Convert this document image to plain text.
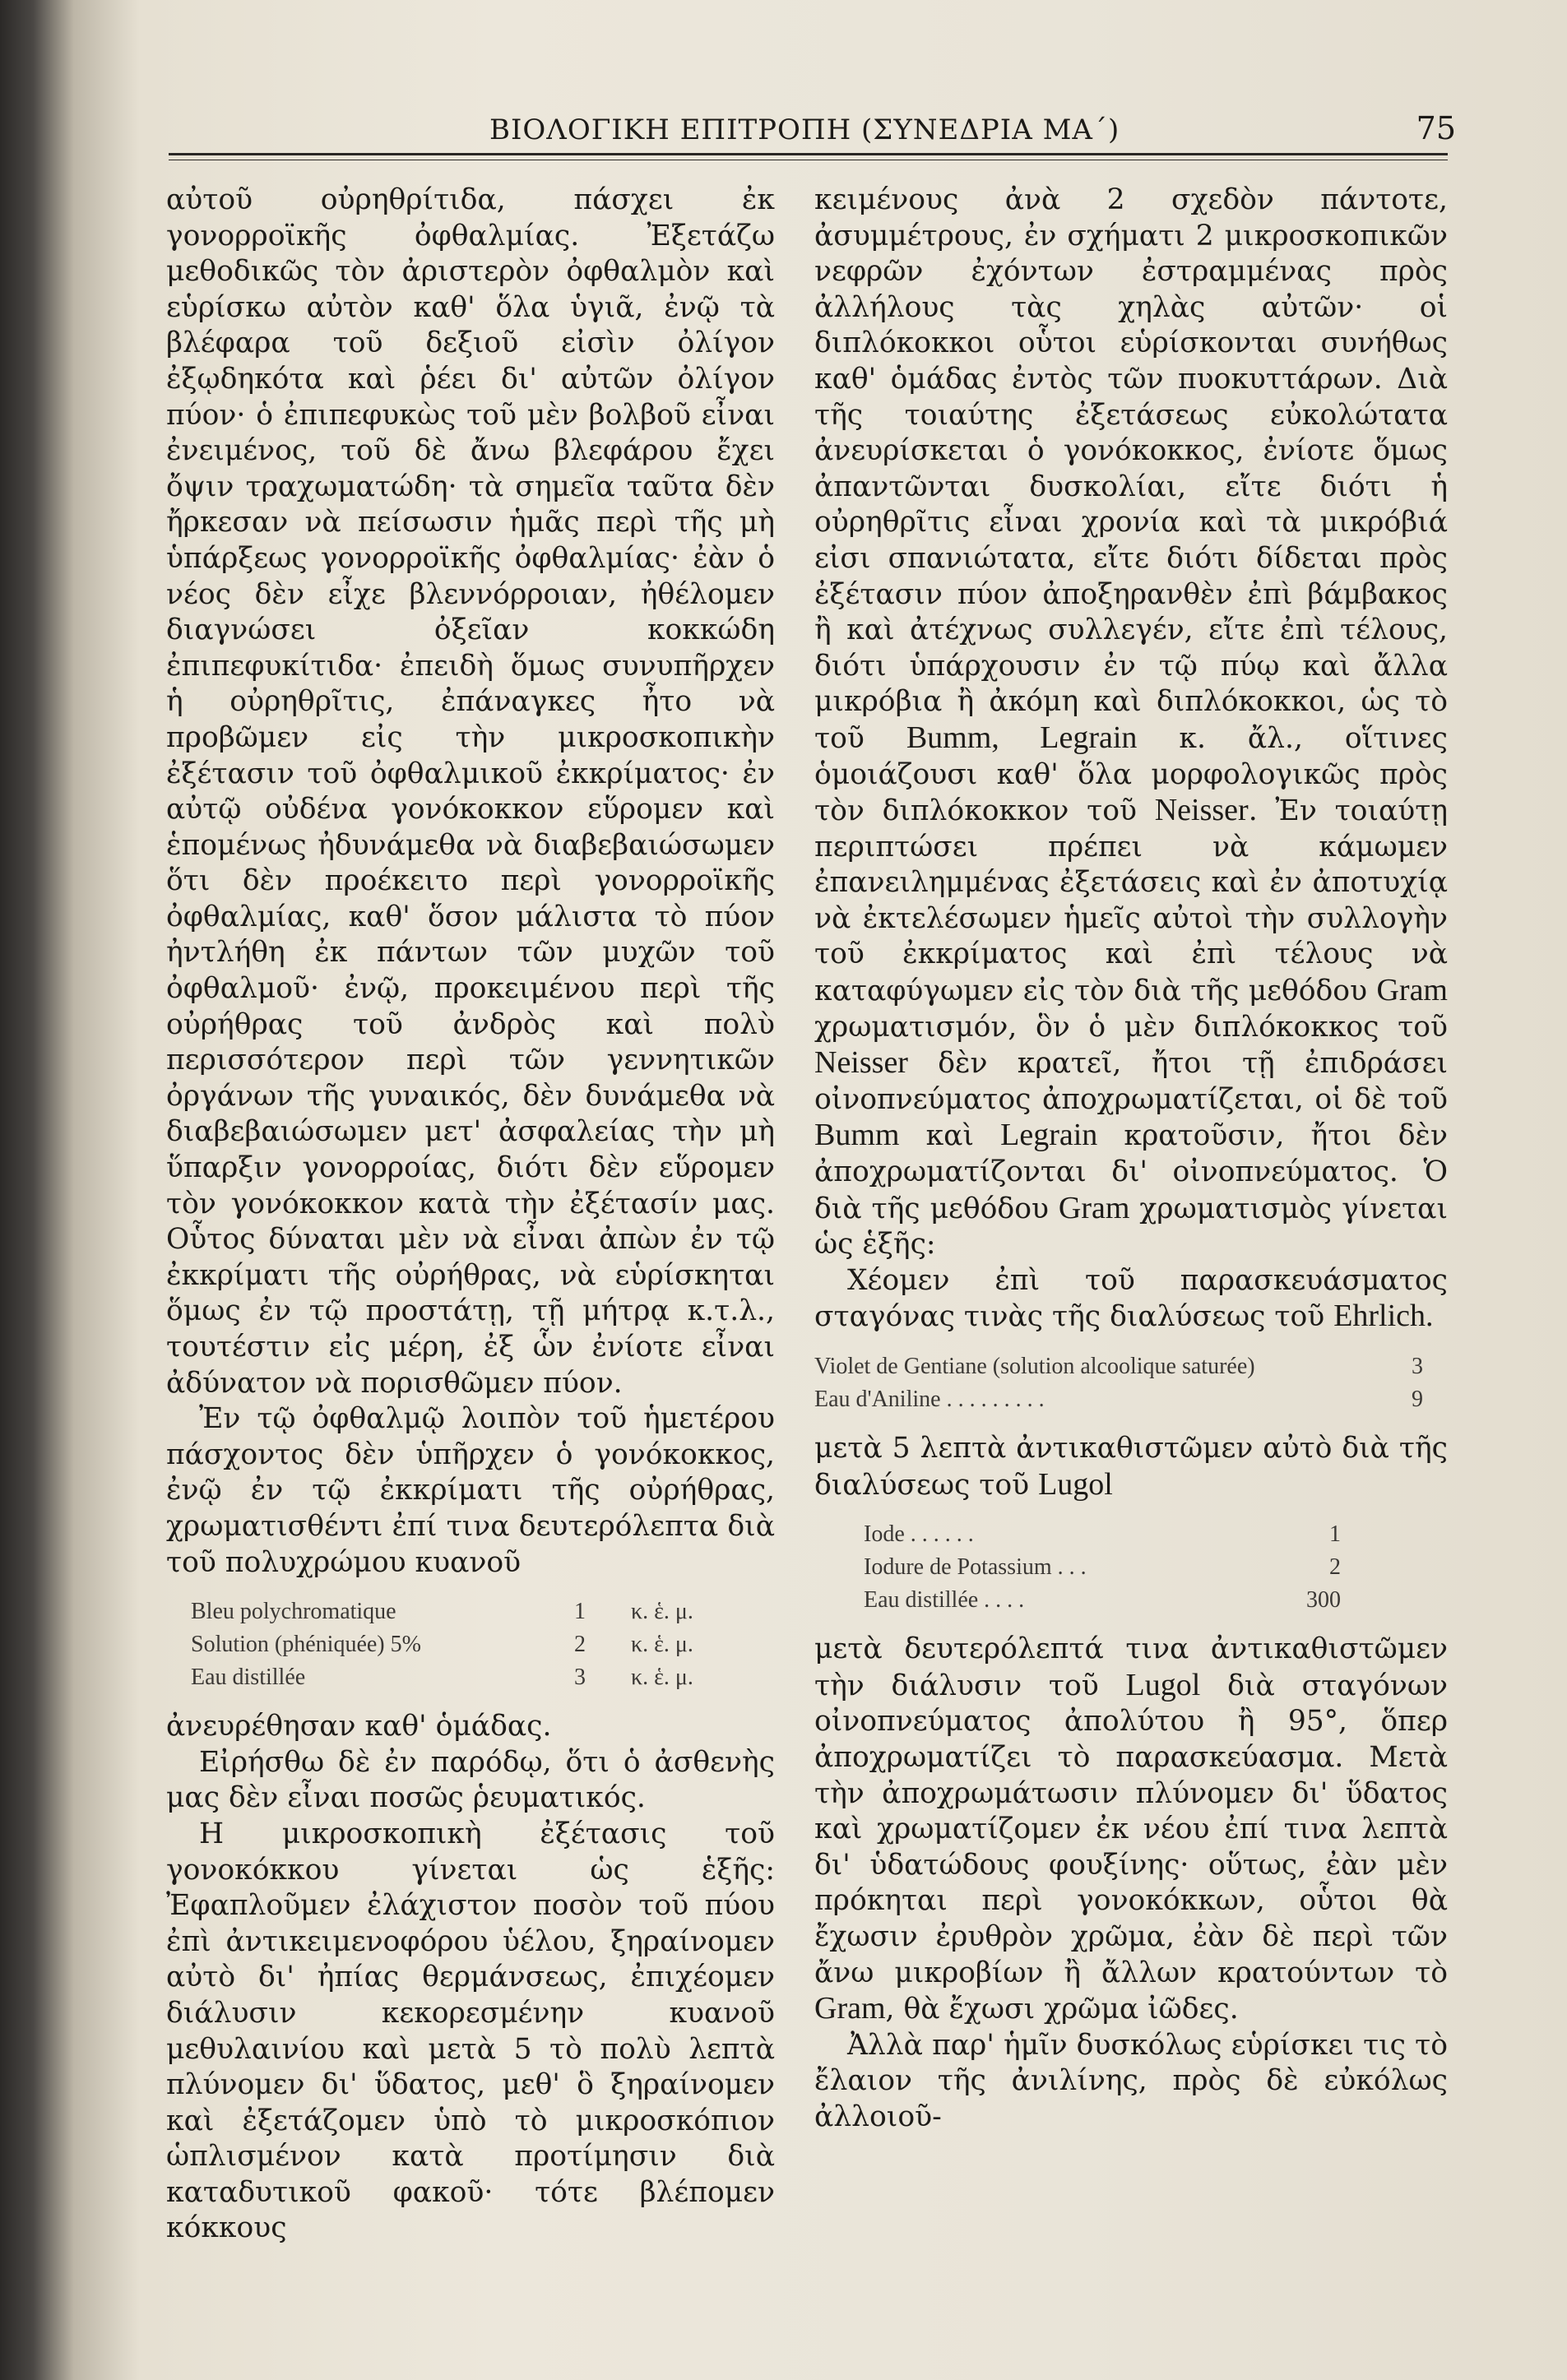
ΒΙΟΛΟΓΙΚΗ ΕΠΙΤΡΟΠΗ (ΣΥΝΕΔΡΙΑ ΜΑ΄)	75

αὐτοῦ οὐρηθρίτιδα, πάσχει ἐκ γονορροϊκῆς ὀφθαλμίας. Ἐξετάζω μεθοδικῶς τὸν ἀριστερὸν ὀφθαλμὸν καὶ εὑρίσκω αὐτὸν καθ' ὅλα ὑγιᾶ, ἐνῷ τὰ βλέφαρα τοῦ δεξιοῦ εἰσὶν ὀλίγον ἐξῳδηκότα καὶ ῥέει δι' αὐτῶν ὀλίγον πύον· ὁ ἐπιπεφυκὼς τοῦ μὲν βολβοῦ εἶναι ἐνειμένος, τοῦ δὲ ἄνω βλεφάρου ἔχει ὄψιν τραχωματώδη· τὰ σημεῖα ταῦτα δὲν ἤρκεσαν νὰ πείσωσιν ἡμᾶς περὶ τῆς μὴ ὑπάρξεως γονορροϊκῆς ὀφθαλμίας· ἐὰν ὁ νέος δὲν εἶχε βλεννόρροιαν, ἠθέλομεν διαγνώσει ὀξεῖαν κοκκώδη ἐπιπεφυκίτιδα· ἐπειδὴ ὅμως συνυπῆρχεν ἡ οὐρηθρῖτις, ἐπάναγκες ἦτο νὰ προβῶμεν εἰς τὴν μικροσκοπικὴν ἐξέτασιν τοῦ ὀφθαλμικοῦ ἐκκρίματος· ἐν αὐτῷ οὐδένα γονόκοκκον εὕρομεν καὶ ἑπομένως ἠδυνάμεθα νὰ διαβεβαιώσωμεν ὅτι δὲν προέκειτο περὶ γονορροϊκῆς ὀφθαλμίας, καθ' ὅσον μάλιστα τὸ πύον ἠντλήθη ἐκ πάντων τῶν μυχῶν τοῦ ὀφθαλμοῦ· ἐνῷ, προκειμένου περὶ τῆς οὐρήθρας τοῦ ἀνδρὸς καὶ πολὺ περισσότερον περὶ τῶν γεννητικῶν ὀργάνων τῆς γυναικός, δὲν δυνάμεθα νὰ διαβεβαιώσωμεν μετ' ἀσφαλείας τὴν μὴ ὕπαρξιν γονορροίας, διότι δὲν εὕρομεν τὸν γονόκοκκον κατὰ τὴν ἐξέτασίν μας. Οὗτος δύναται μὲν νὰ εἶναι ἀπὼν ἐν τῷ ἐκκρίματι τῆς οὐρήθρας, νὰ εὑρίσκηται ὅμως ἐν τῷ προστάτῃ, τῇ μήτρᾳ κ.τ.λ., τουτέστιν εἰς μέρη, ἐξ ὧν ἐνίοτε εἶναι ἀδύνατον νὰ πορισθῶμεν πύον.

Ἐν τῷ ὀφθαλμῷ λοιπὸν τοῦ ἡμετέρου πάσχοντος δὲν ὑπῆρχεν ὁ γονόκοκκος, ἐνῷ ἐν τῷ ἐκκρίματι τῆς οὐρήθρας, χρωματισθέντι ἐπί τινα δευτερόλεπτα διὰ τοῦ πολυχρώμου κυανοῦ

Bleu polychromatique	1 κ. ἑ. μ.
Solution (phéniquée) 5%	2 κ. ἑ. μ.
Eau distillée	3 κ. ἑ. μ.

ἀνευρέθησαν καθ' ὁμάδας.

Εἰρήσθω δὲ ἐν παρόδῳ, ὅτι ὁ ἀσθενὴς μας δὲν εἶναι ποσῶς ῥευματικός.

Η μικροσκοπικὴ ἐξέτασις τοῦ γονοκόκκου γίνεται ὡς ἑξῆς: Ἐφαπλοῦμεν ἐλάχιστον ποσὸν τοῦ πύου ἐπὶ ἀντικειμενοφόρου ὑέλου, ξηραίνομεν αὐτὸ δι' ἠπίας θερμάνσεως, ἐπιχέομεν διάλυσιν κεκορεσμένην κυανοῦ μεθυλαινίου καὶ μετὰ 5 τὸ πολὺ λεπτὰ πλύνομεν δι' ὕδατος, μεθ' ὃ ξηραίνομεν καὶ ἐξετάζομεν ὑπὸ τὸ μικροσκόπιον ὡπλισμένον κατὰ προτίμησιν διὰ καταδυτικοῦ φακοῦ· τότε βλέπομεν κόκκους

κειμένους ἀνὰ 2 σχεδὸν πάντοτε, ἀσυμμέτρους, ἐν σχήματι 2 μικροσκοπικῶν νεφρῶν ἐχόντων ἐστραμμένας πρὸς ἀλλήλους τὰς χηλὰς αὐτῶν· οἱ διπλόκοκκοι οὗτοι εὑρίσκονται συνήθως καθ' ὁμάδας ἐντὸς τῶν πυοκυττάρων. Διὰ τῆς τοιαύτης ἐξετάσεως εὐκολώτατα ἀνευρίσκεται ὁ γονόκοκκος, ἐνίοτε ὅμως ἀπαντῶνται δυσκολίαι, εἴτε διότι ἡ οὐρηθρῖτις εἶναι χρονία καὶ τὰ μικρόβιά εἰσι σπανιώτατα, εἴτε διότι δίδεται πρὸς ἐξέτασιν πύον ἀποξηρανθὲν ἐπὶ βάμβακος ἢ καὶ ἀτέχνως συλλεγέν, εἴτε ἐπὶ τέλους, διότι ὑπάρχουσιν ἐν τῷ πύῳ καὶ ἄλλα μικρόβια ἢ ἀκόμη καὶ διπλόκοκκοι, ὡς τὸ τοῦ Bumm, Legrain κ. ἄλ., οἵτινες ὁμοιάζουσι καθ' ὅλα μορφολογικῶς πρὸς τὸν διπλόκοκκον τοῦ Neisser. Ἐν τοιαύτῃ περιπτώσει πρέπει νὰ κάμωμεν ἐπανειλημμένας ἐξετάσεις καὶ ἐν ἀποτυχίᾳ νὰ ἐκτελέσωμεν ἡμεῖς αὐτοὶ τὴν συλλογὴν τοῦ ἐκκρίματος καὶ ἐπὶ τέλους νὰ καταφύγωμεν εἰς τὸν διὰ τῆς μεθόδου Gram χρωματισμόν, ὃν ὁ μὲν διπλόκοκκος τοῦ Neisser δὲν κρατεῖ, ἤτοι τῇ ἐπιδράσει οἰνοπνεύματος ἀποχρωματίζεται, οἱ δὲ τοῦ Bumm καὶ Legrain κρατοῦσιν, ἤτοι δὲν ἀποχρωματίζονται δι' οἰνοπνεύματος. Ὁ διὰ τῆς μεθόδου Gram χρωματισμὸς γίνεται ὡς ἑξῆς:

Χέομεν ἐπὶ τοῦ παρασκευάσματος σταγόνας τινὰς τῆς διαλύσεως τοῦ Ehrlich.

Violet de Gentiane (solution alcoolique saturée)	3
Eau d'Aniline . . . . . . . . .	9

μετὰ 5 λεπτὰ ἀντικαθιστῶμεν αὐτὸ διὰ τῆς διαλύσεως τοῦ Lugol

Iode . . . . . .	1
Iodure de Potassium . . .	2
Eau distillée . . . .	300

μετὰ δευτερόλεπτά τινα ἀντικαθιστῶμεν τὴν διάλυσιν τοῦ Lugol διὰ σταγόνων οἰνοπνεύματος ἀπολύτου ἢ 95°, ὅπερ ἀποχρωματίζει τὸ παρασκεύασμα. Μετὰ τὴν ἀποχρωμάτωσιν πλύνομεν δι' ὕδατος καὶ χρωματίζομεν ἐκ νέου ἐπί τινα λεπτὰ δι' ὑδατώδους φουξίνης· οὕτως, ἐὰν μὲν πρόκηται περὶ γονοκόκκων, οὗτοι θὰ ἔχωσιν ἐρυθρὸν χρῶμα, ἐὰν δὲ περὶ τῶν ἄνω μικροβίων ἢ ἄλλων κρατούντων τὸ Gram, θὰ ἔχωσι χρῶμα ἰῶδες.

Ἀλλὰ παρ' ἡμῖν δυσκόλως εὑρίσκει τις τὸ ἔλαιον τῆς ἀνιλίνης, πρὸς δὲ εὐκόλως ἀλλοιοῦ-
